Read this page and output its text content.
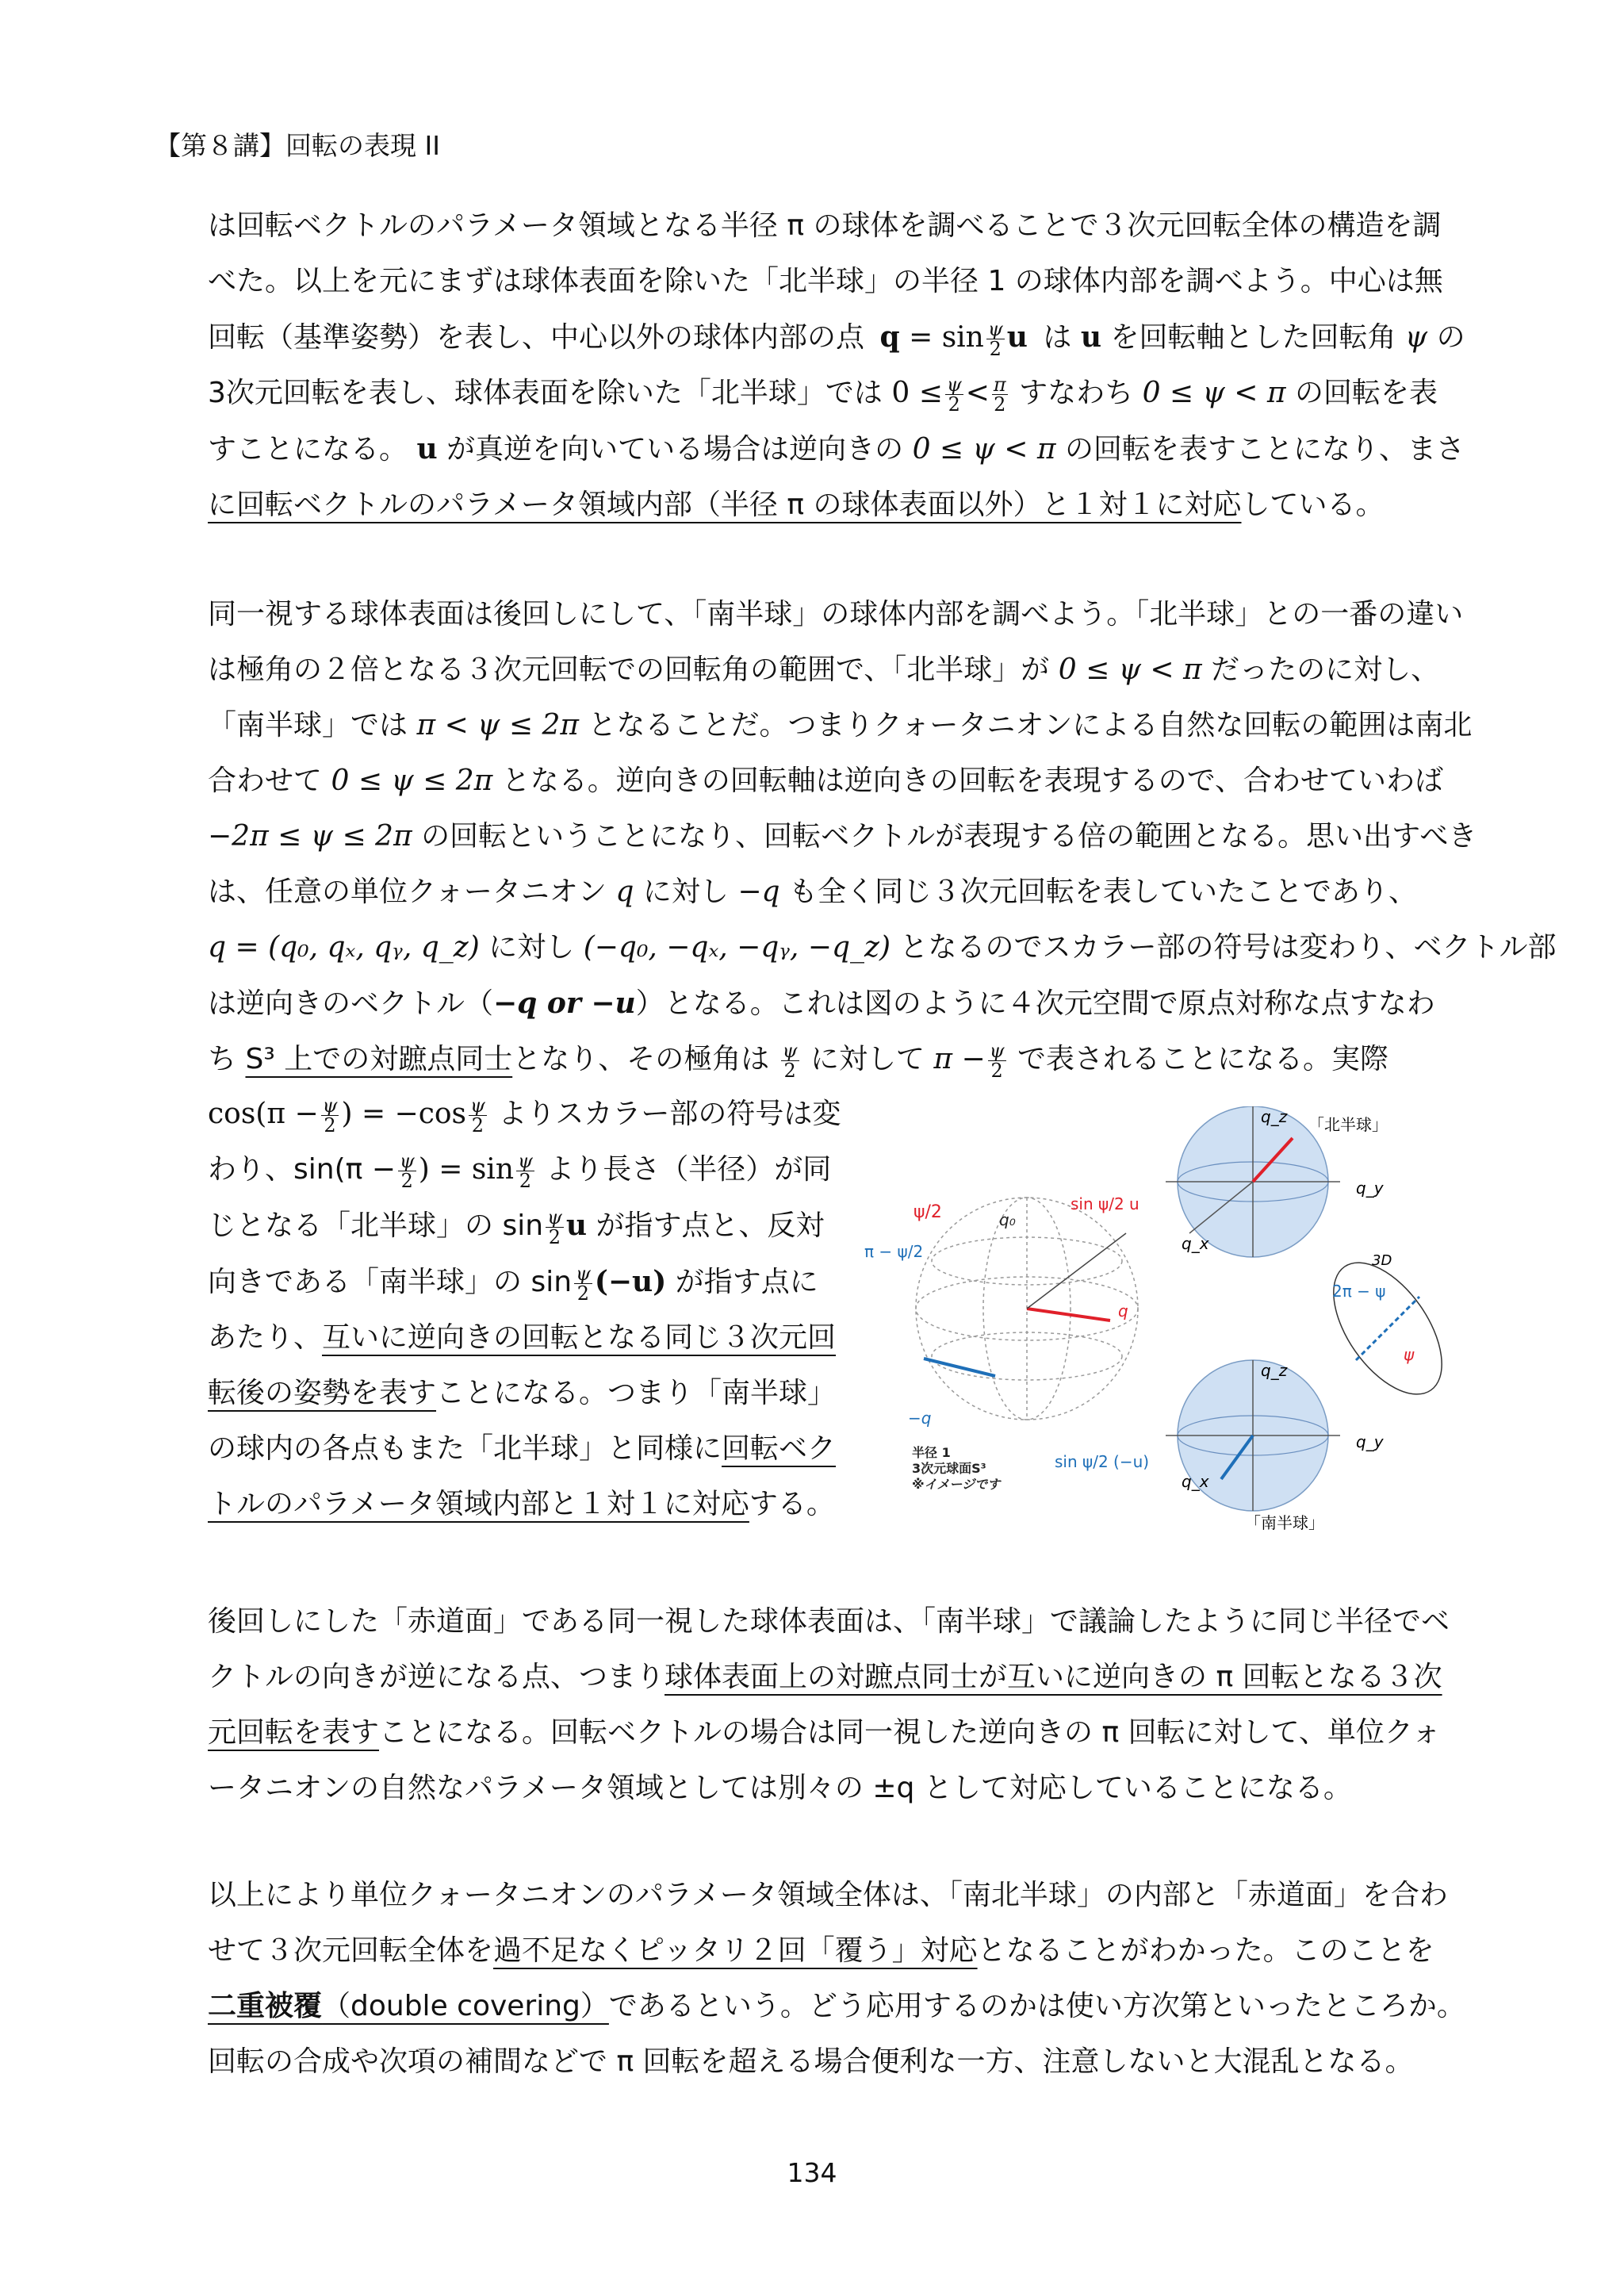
【第８講】回転の表現 II
は回転ベクトルのパラメータ領域となる半径 π の球体を調べることで３次元回転全体の構造を調
べた。以上を元にまずは球体表面を除いた「北半球」の半径 1 の球体内部を調べよう。中心は無
回転（基準姿勢）を表し、中心以外の球体内部の点 $q = \sin \frac{\psi}{2}$ u は u を回転軸とした回転角 ψ の
3次元回転を表し、球体表面を除いた「北半球」では $0 \le \frac{\psi}{2} < \frac{\pi}{2}$ すなわち 0 ≤ ψ < π の回転を表
すことになる。 u が真逆を向いている場合は逆向きの 0 ≤ ψ < π の回転を表すことになり、まさ
に回転ベクトルのパラメータ領域内部（半径 π の球体表面以外）と１対１に対応している。
同一視する球体表面は後回しにして、「南半球」の球体内部を調べよう。「北半球」との一番の違い
は極角の２倍となる３次元回転での回転角の範囲で、「北半球」が 0 ≤ ψ < π だったのに対し、
「南半球」では π < ψ ≤ 2π となることだ。つまりクォータニオンによる自然な回転の範囲は南北
合わせて 0 ≤ ψ ≤ 2π となる。逆向きの回転軸は逆向きの回転を表現するので、合わせていわば
−2π ≤ ψ ≤ 2π の回転ということになり、回転ベクトルが表現する倍の範囲となる。思い出すべき
は、任意の単位クォータニオン q に対し −q も全く同じ３次元回転を表していたことであり、
q = (q₀, qₓ, qᵧ, q_z) に対し (−q₀, −qₓ, −qᵧ, −q_z) となるのでスカラー部の符号は変わり、ベクトル部
は逆向きのベクトル（−q or −u）となる。これは図のように４次元空間で原点対称な点すなわ
ち S³ 上での対蹠点同士となり、その極角は $\frac{\psi}{2}$ に対して $\pi - \frac{\psi}{2}$ で表されることになる。実際
$\cos(\pi - \frac{\psi}{2}$ ) = $-\cos \frac{\psi}{2}$ よりスカラー部の符号は変
わり、$\sin(\pi - \frac{\psi}{2}$ ) = $\sin \frac{\psi}{2}$ より長さ（半径）が同
じとなる「北半球」の $\sin \frac{\psi}{2}$ u が指す点と、反対
向きである「南半球」の $\sin \frac{\psi}{2} (-u)$ が指す点に
あたり、互いに逆向きの回転となる同じ３次元回
転後の姿勢を表すことになる。つまり「南半球」
の球内の各点もまた「北半球」と同様に回転ベク
トルのパラメータ領域内部と１対１に対応する。
ψ/2
π − ψ/2
q₀
sin ψ/2 u
q
−q
半径 1
3次元球面S³
※イメージです
sin ψ/2 (−u)
q_z 「北半球」
q_y
q_x
3D
2π − ψ
ψ
q_z
q_y
q_x
「南半球」
後回しにした「赤道面」である同一視した球体表面は、「南半球」で議論したように同じ半径でベ
クトルの向きが逆になる点、つまり球体表面上の対蹠点同士が互いに逆向きの π 回転となる３次
元回転を表すことになる。回転ベクトルの場合は同一視した逆向きの π 回転に対して、単位クォ
ータニオンの自然なパラメータ領域としては別々の ±q として対応していることになる。
以上により単位クォータニオンのパラメータ領域全体は、「南北半球」の内部と「赤道面」を合わ
せて３次元回転全体を過不足なくピッタリ２回「覆う」対応となることがわかった。このことを
二重被覆（double covering）であるという。どう応用するのかは使い方次第といったところか。
回転の合成や次項の補間などで π 回転を超える場合便利な一方、注意しないと大混乱となる。
134
